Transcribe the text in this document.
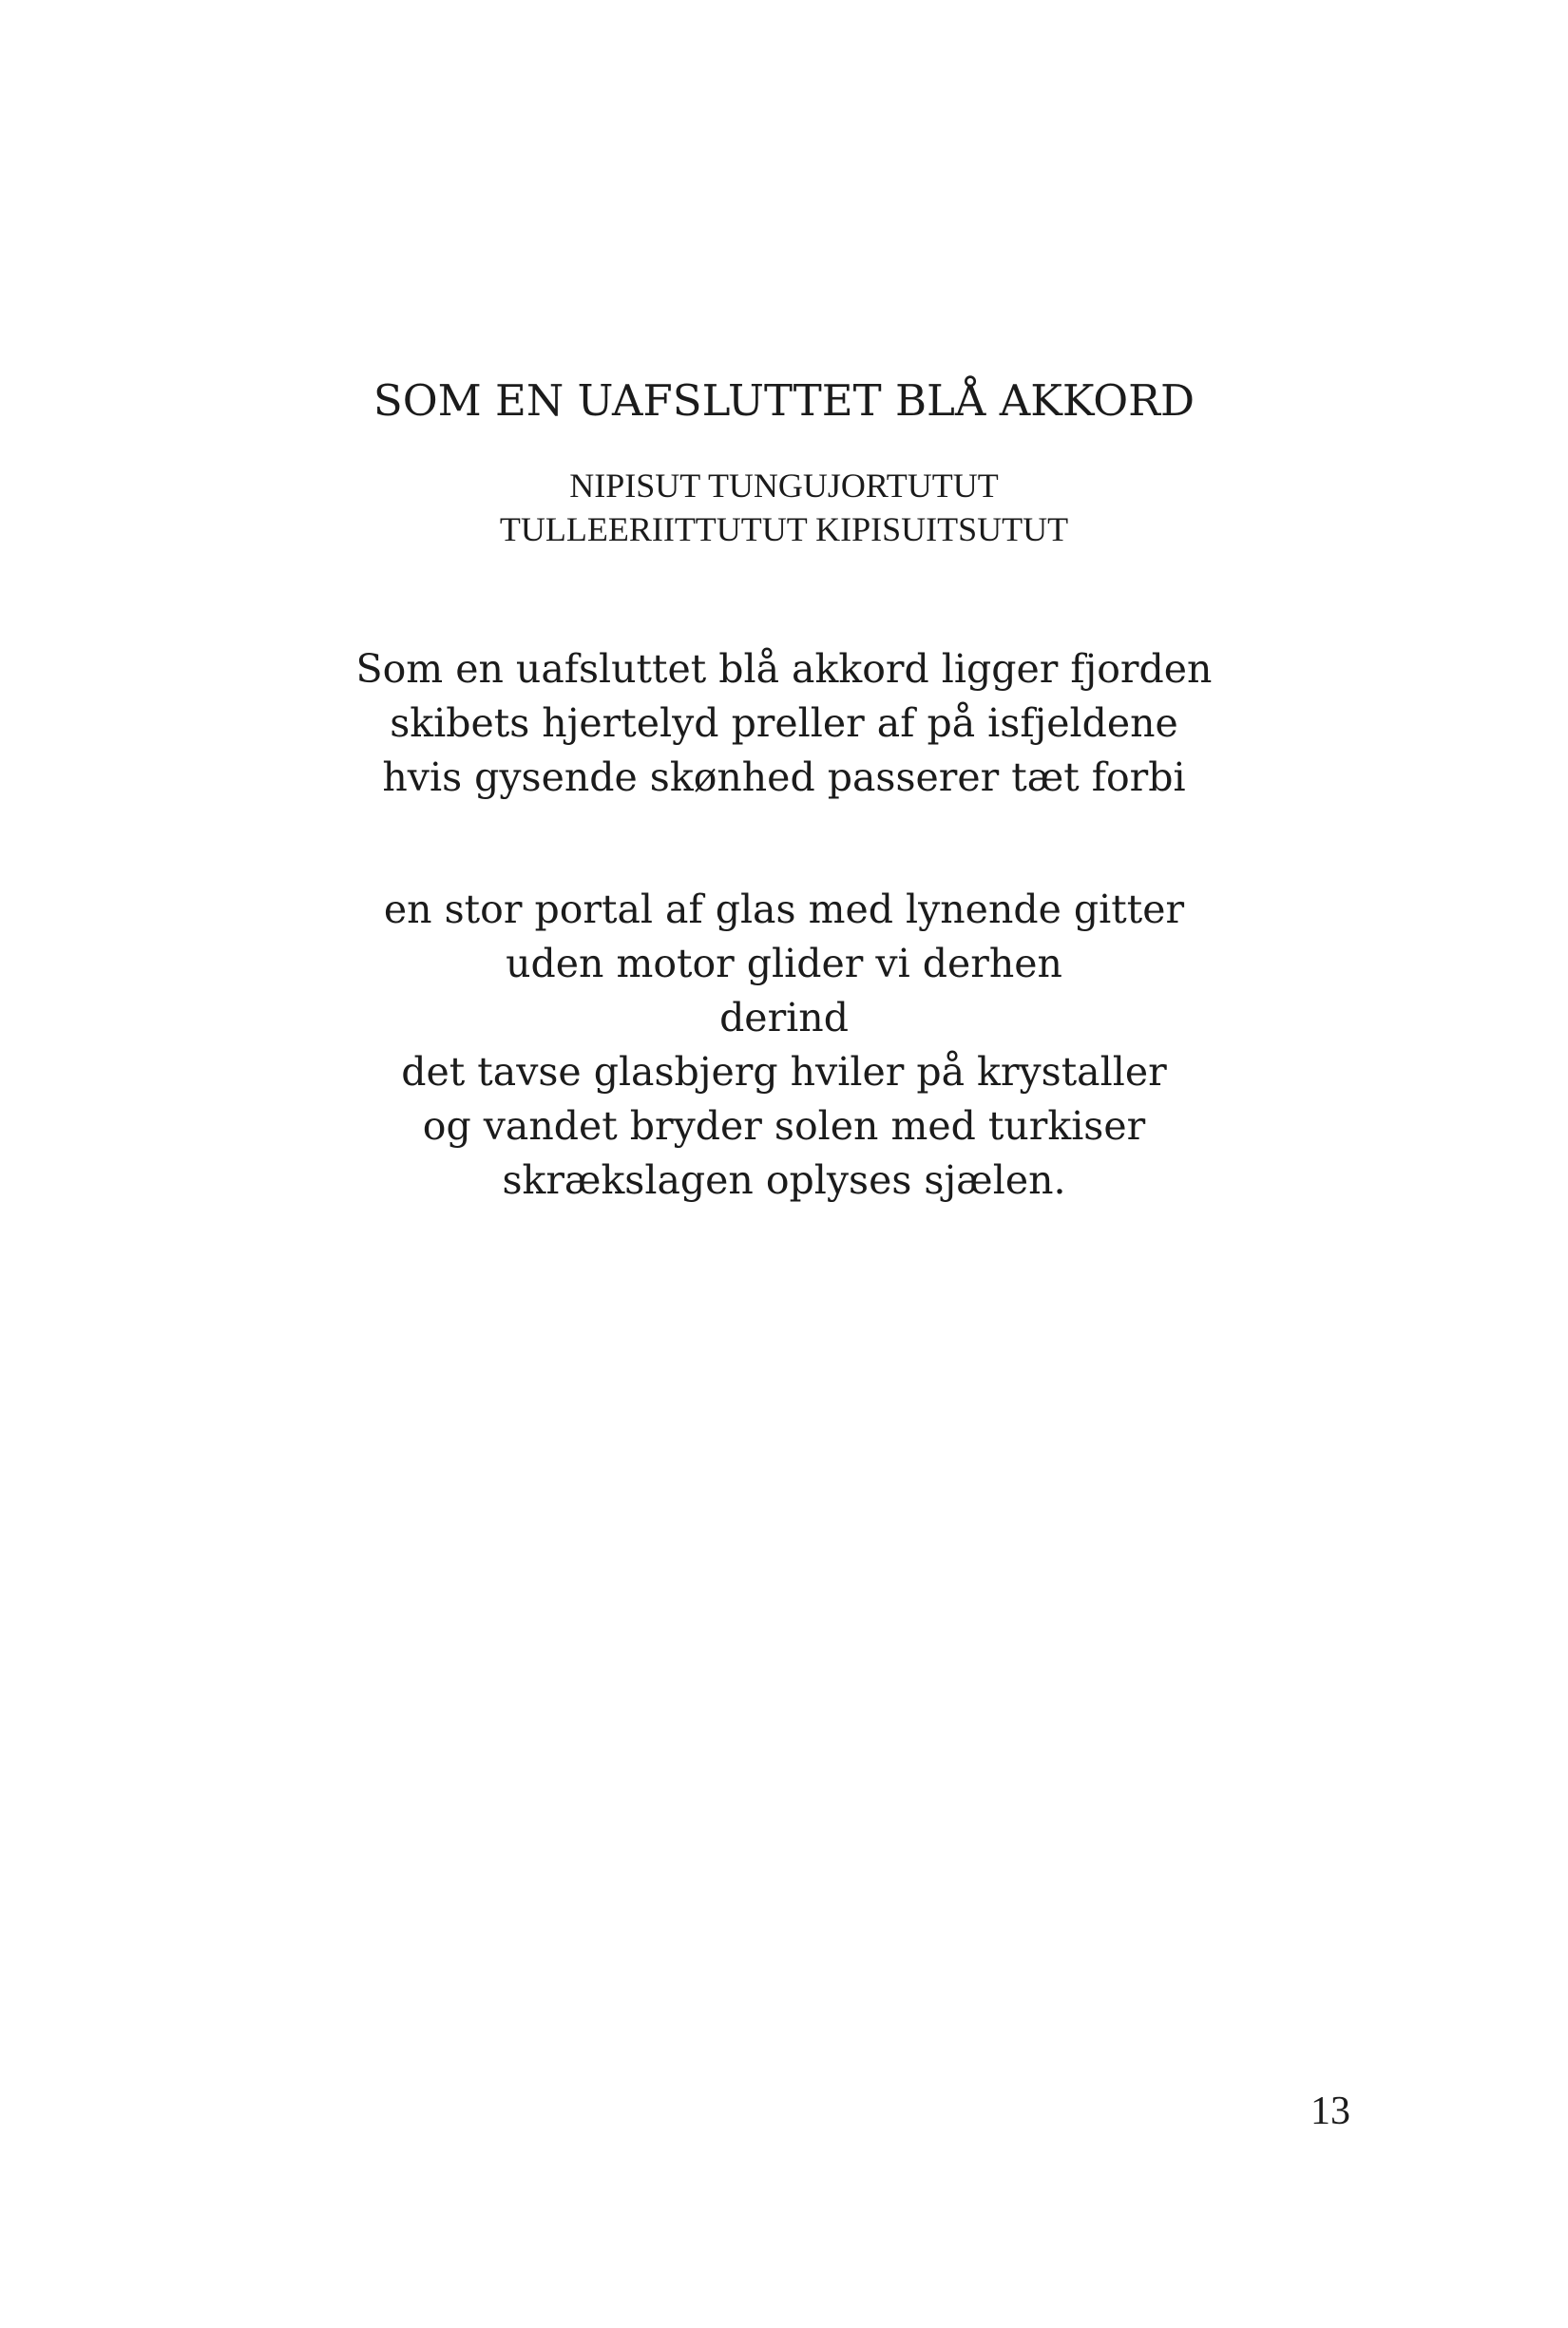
SOM EN UAFSLUTTET BLÅ AKKORD
NIPISUT TUNGUJORTUTUT
TULLEERIITTUTUT KIPISUITSUTUT
Som en uafsluttet blå akkord ligger fjorden
skibets hjertelyd preller af på isfjeldene
hvis gysende skønhed passerer tæt forbi
en stor portal af glas med lynende gitter
uden motor glider vi derhen
derind
det tavse glasbjerg hviler på krystaller
og vandet bryder solen med turkiser
skrækslagen oplyses sjælen.
13
